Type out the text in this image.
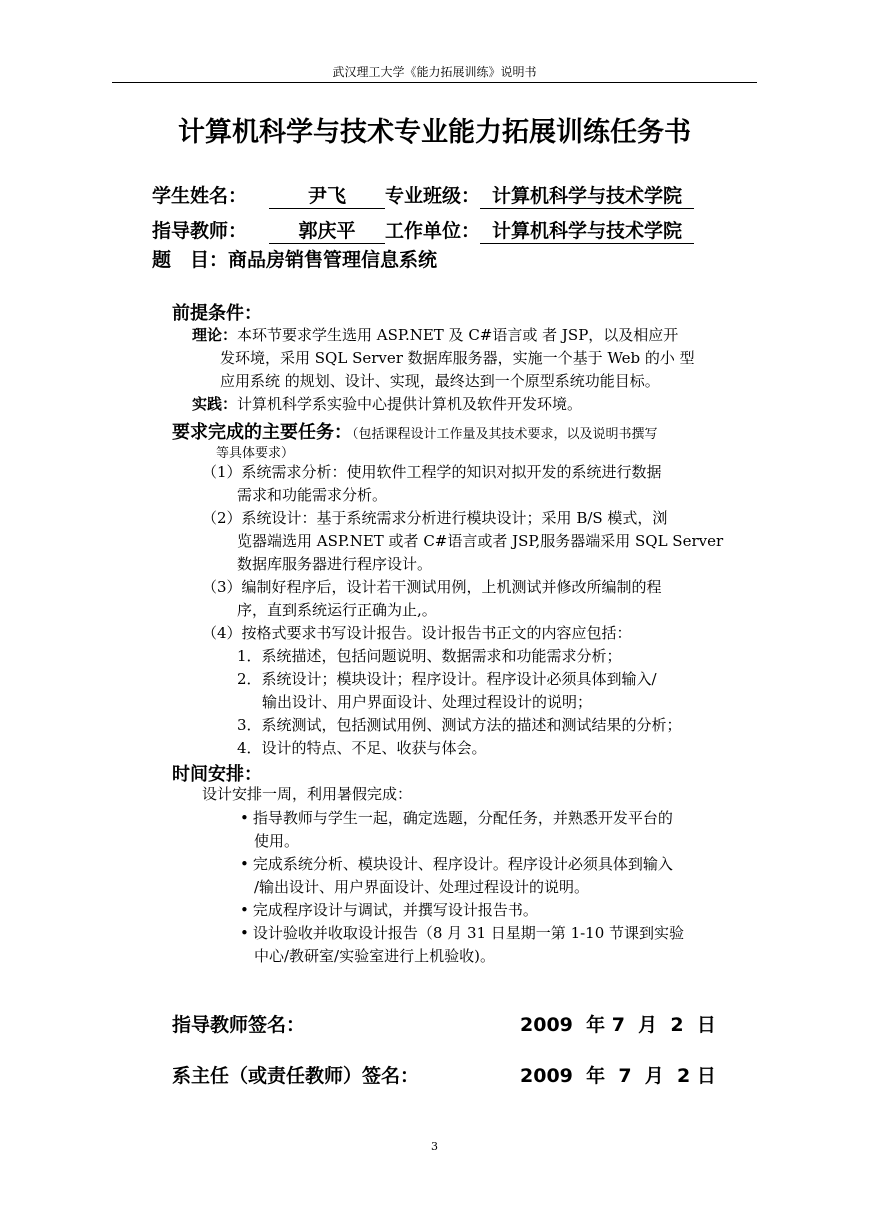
武汉理工大学《能力拓展训练》说明书
计算机科学与技术专业能力拓展训练任务书
学生姓名：	尹飞 专业班级： 计算机科学与技术学院
指导教师：	郭庆平 工作单位： 计算机科学与技术学院
题　目：商品房销售管理信息系统
前提条件：
理论：本环节要求学生选用 ASP.NET 及 C#语言或 者 JSP，以及相应开
发环境，采用 SQL Server 数据库服务器，实施一个基于 Web 的小 型
应用系统 的规划、设计、实现，最终达到一个原型系统功能目标。
实践：计算机科学系实验中心提供计算机及软件开发环境。
要求完成的主要任务：（包括课程设计工作量及其技术要求，以及说明书撰写
等具体要求）
（1）系统需求分析：使用软件工程学的知识对拟开发的系统进行数据
需求和功能需求分析。
（2）系统设计：基于系统需求分析进行模块设计；采用 B/S 模式，浏
览器端选用 ASP.NET 或者 C#语言或者 JSP,服务器端采用 SQL Server
数据库服务器进行程序设计。
（3）编制好程序后，设计若干测试用例，上机测试并修改所编制的程
序，直到系统运行正确为止,。
（4）按格式要求书写设计报告。设计报告书正文的内容应包括：
1．系统描述，包括问题说明、数据需求和功能需求分析；
2．系统设计；模块设计；程序设计。程序设计必须具体到输入/
输出设计、用户界面设计、处理过程设计的说明；
3．系统测试，包括测试用例、测试方法的描述和测试结果的分析；
4．设计的特点、不足、收获与体会。
时间安排：
设计安排一周，利用暑假完成：
• 指导教师与学生一起，确定选题，分配任务，并熟悉开发平台的
使用。
• 完成系统分析、模块设计、程序设计。程序设计必须具体到输入
/输出设计、用户界面设计、处理过程设计的说明。
• 完成程序设计与调试，并撰写设计报告书。
• 设计验收并收取设计报告（8 月 31 日星期一第 1-10 节课到实验
中心/教研室/实验室进行上机验收)。
指导教师签名：	2009  年 7  月  2  日
系主任（或责任教师）签名：	2009  年  7  月  2 日
3
